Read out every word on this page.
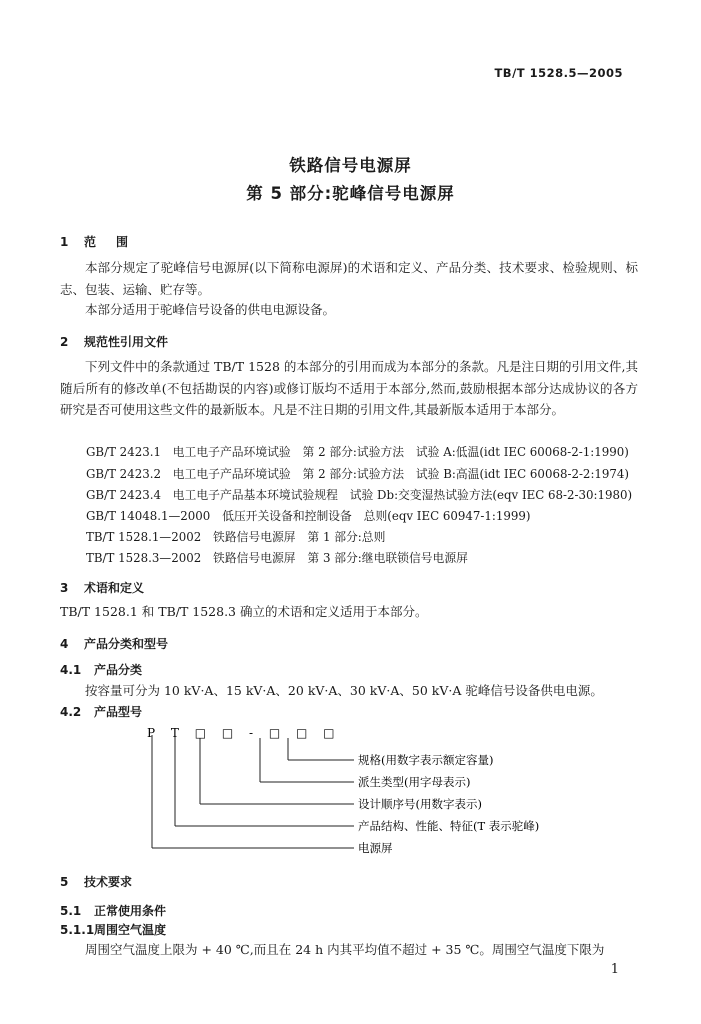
TB/T 1528.5—2005
铁路信号电源屏
第 5 部分:驼峰信号电源屏
1 范　围
本部分规定了驼峰信号电源屏(以下简称电源屏)的术语和定义、产品分类、技术要求、检验规则、标志、包装、运输、贮存等。
本部分适用于驼峰信号设备的供电电源设备。
2 规范性引用文件
下列文件中的条款通过 TB/T 1528 的本部分的引用而成为本部分的条款。凡是注日期的引用文件,其随后所有的修改单(不包括勘误的内容)或修订版均不适用于本部分,然而,鼓励根据本部分达成协议的各方研究是否可使用这些文件的最新版本。凡是不注日期的引用文件,其最新版本适用于本部分。
GB/T 2423.1　电工电子产品环境试验　第 2 部分:试验方法　试验 A:低温(idt IEC 60068-2-1:1990)
GB/T 2423.2　电工电子产品环境试验　第 2 部分:试验方法　试验 B:高温(idt IEC 60068-2-2:1974)
GB/T 2423.4　电工电子产品基本环境试验规程　试验 Db:交变湿热试验方法(eqv IEC 68-2-30:1980)
GB/T 14048.1—2000　低压开关设备和控制设备　总则(eqv IEC 60947-1:1999)
TB/T 1528.1—2002　铁路信号电源屏　第 1 部分:总则
TB/T 1528.3—2002　铁路信号电源屏　第 3 部分:继电联锁信号电源屏
3 术语和定义
TB/T 1528.1 和 TB/T 1528.3 确立的术语和定义适用于本部分。
4 产品分类和型号
4.1 产品分类
按容量可分为 10 kV·A、15 kV·A、20 kV·A、30 kV·A、50 kV·A 驼峰信号设备供电电源。
4.2 产品型号
P T □ □ - □ □ □
规格(用数字表示额定容量)
派生类型(用字母表示)
设计顺序号(用数字表示)
产品结构、性能、特征(T 表示驼峰)
电源屏
5 技术要求
5.1 正常使用条件
5.1.1周围空气温度
周围空气温度上限为 + 40 ℃,而且在 24 h 内其平均值不超过 + 35 ℃。周围空气温度下限为
1
